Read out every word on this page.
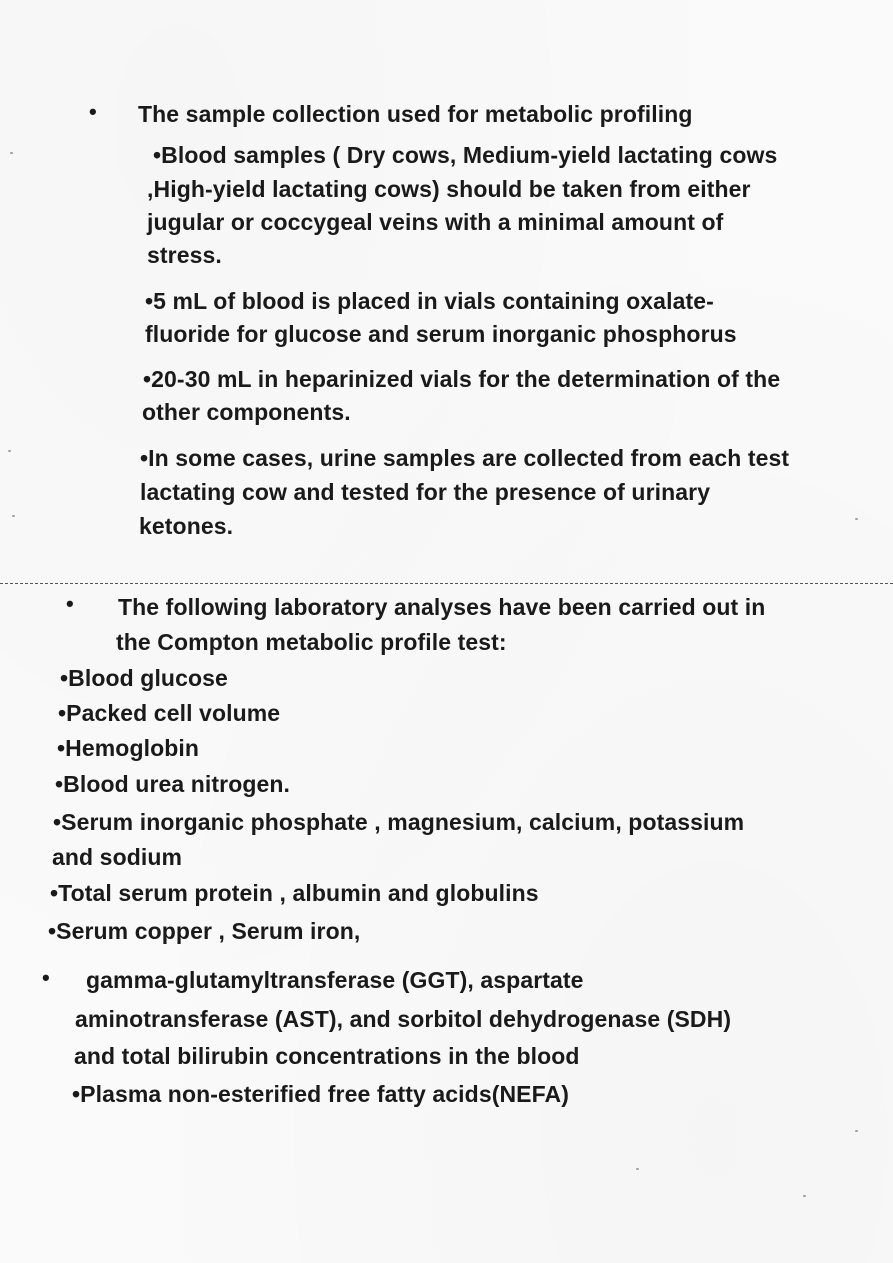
• The sample collection used for metabolic profiling
•Blood samples ( Dry cows, Medium-yield lactating cows
,High-yield lactating cows) should be taken from either
jugular or coccygeal veins with a minimal amount of
stress.
•5 mL of blood is placed in vials containing oxalate-
fluoride for glucose and serum inorganic phosphorus
•20-30 mL in heparinized vials for the determination of the
other components.
•In some cases, urine samples are collected from each test
lactating cow and tested for the presence of urinary
ketones.
• The following laboratory analyses have been carried out in
the Compton metabolic profile test:
•Blood glucose
•Packed cell volume
•Hemoglobin
•Blood urea nitrogen.
•Serum inorganic phosphate , magnesium, calcium, potassium
and sodium
•Total serum protein , albumin and globulins
•Serum copper , Serum iron,
• gamma-glutamyltransferase (GGT), aspartate
aminotransferase (AST), and sorbitol dehydrogenase (SDH)
and total bilirubin concentrations in the blood
•Plasma non-esterified free fatty acids(NEFA)
